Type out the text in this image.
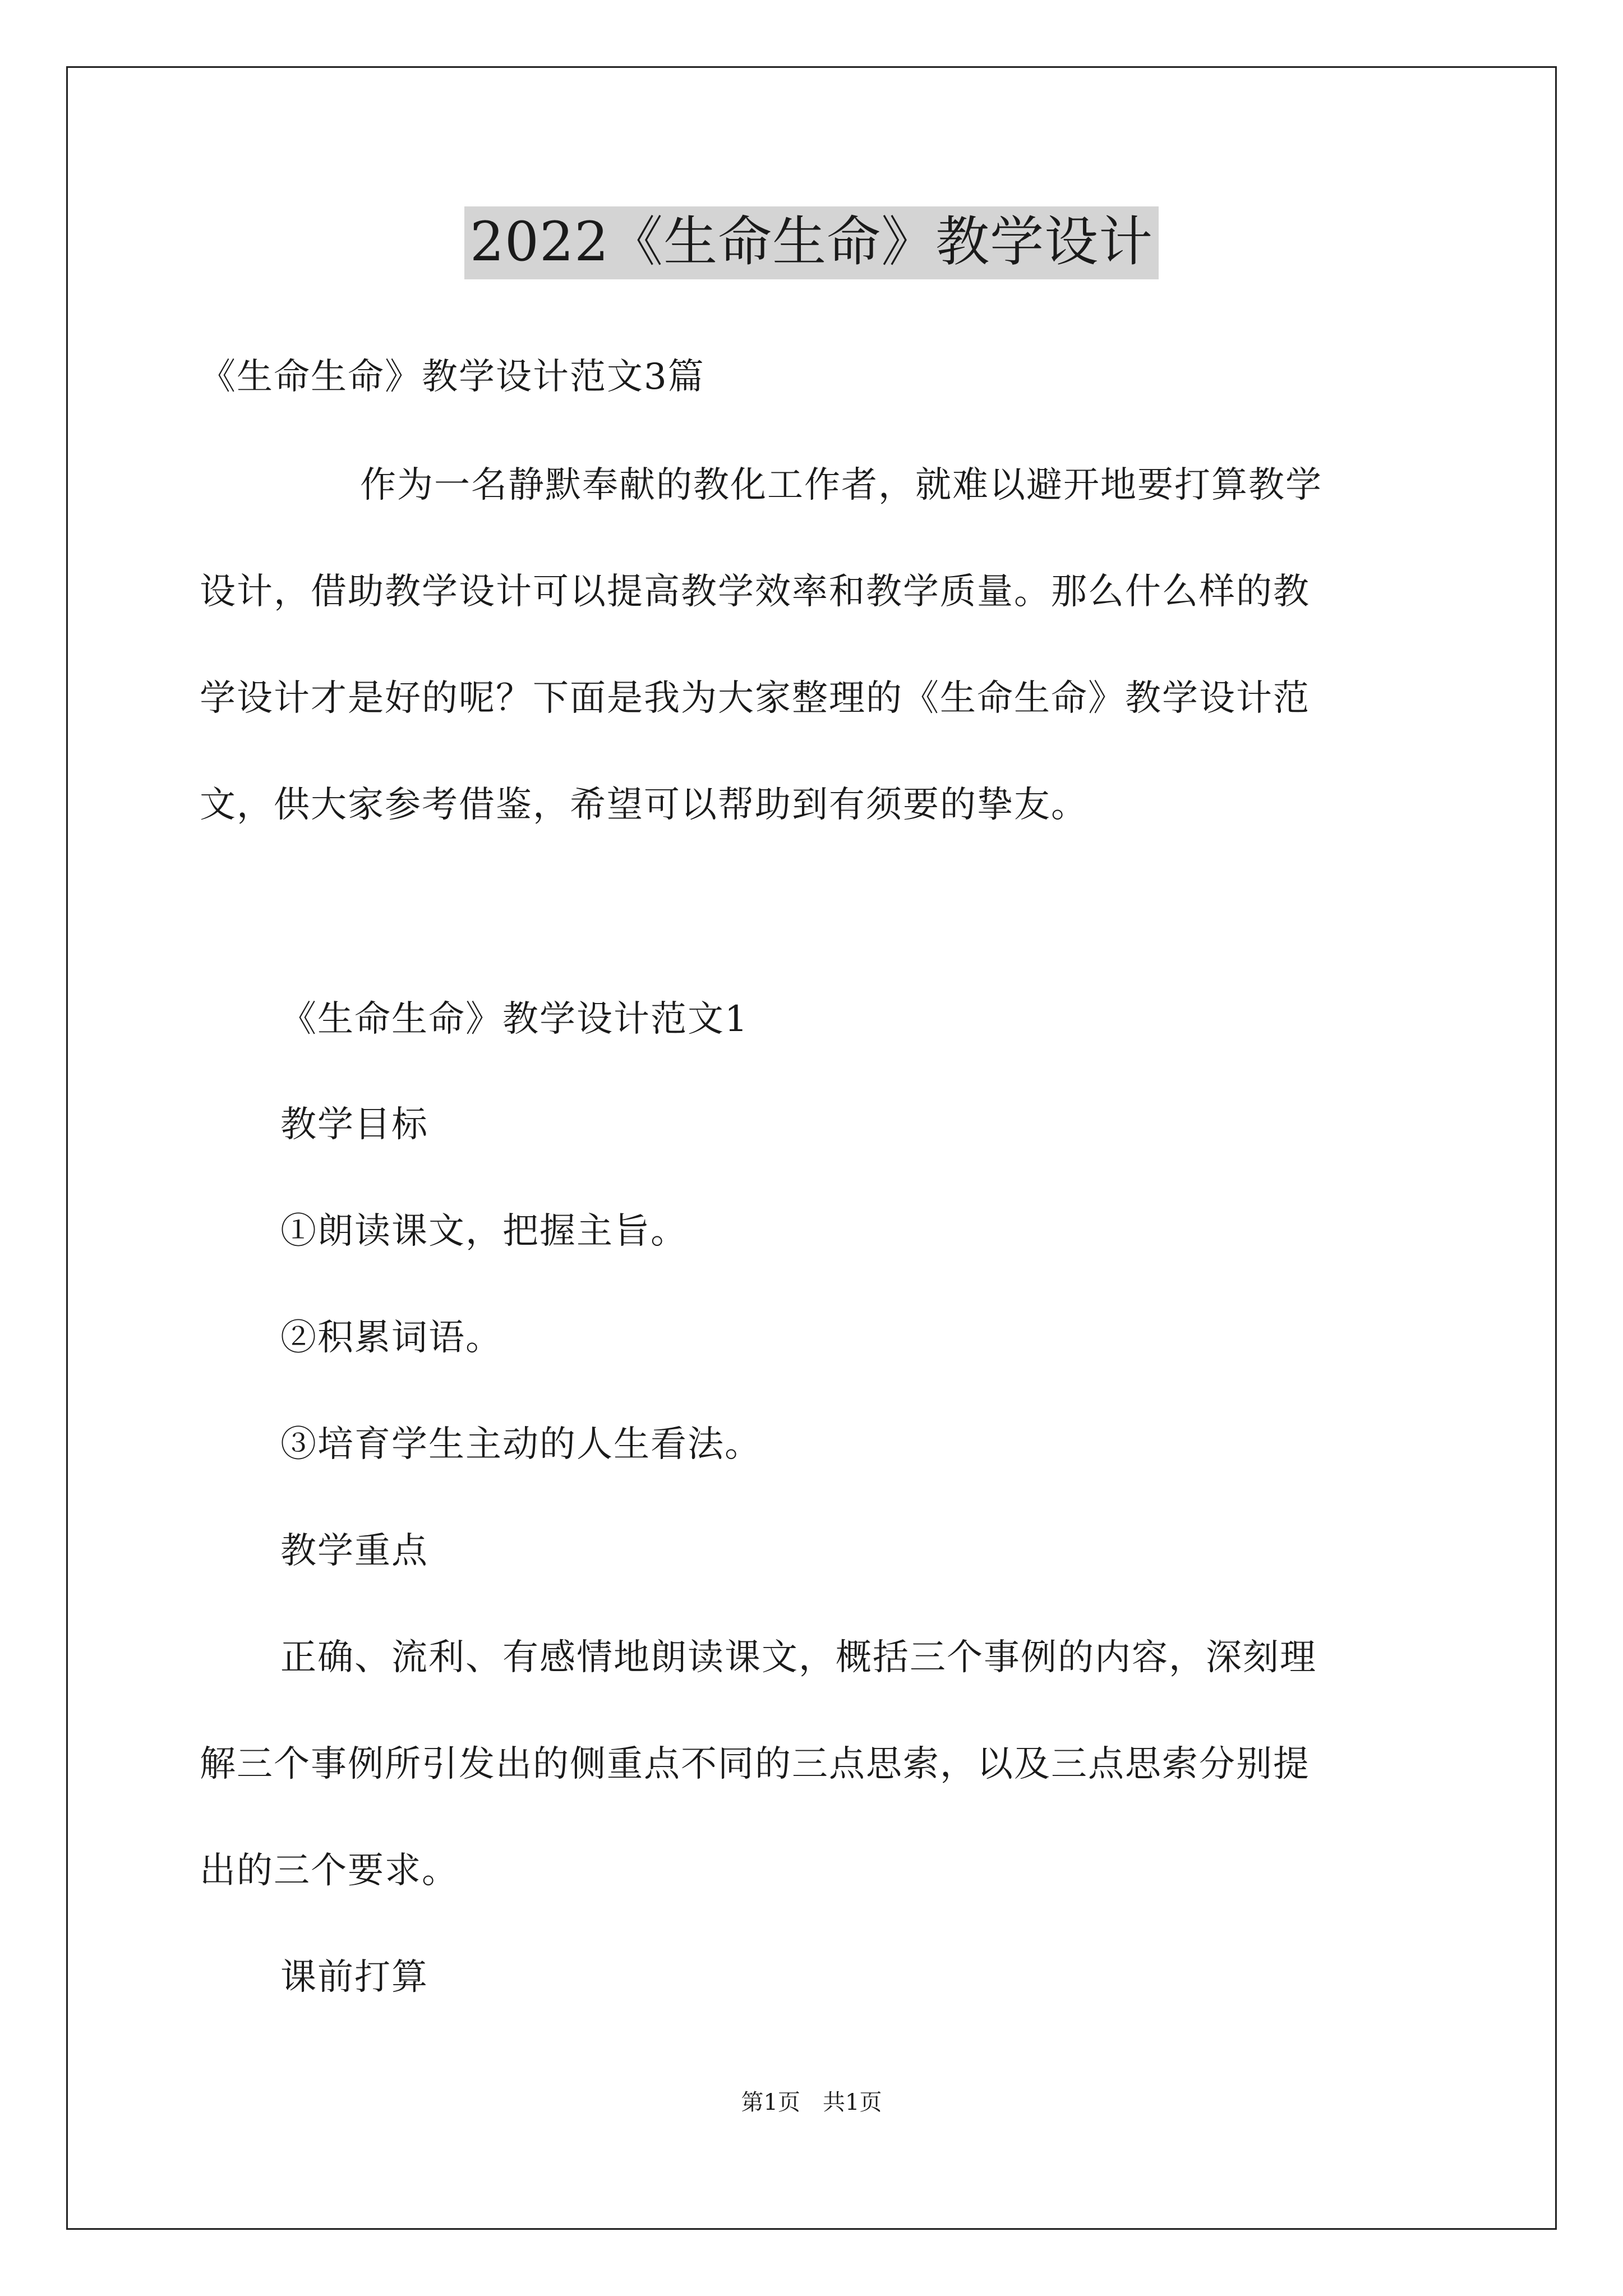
2022《生命生命》教学设计
《生命生命》教学设计范文3篇
作为一名静默奉献的教化工作者，就难以避开地要打算教学
设计，借助教学设计可以提高教学效率和教学质量。那么什么样的教
学设计才是好的呢？下面是我为大家整理的《生命生命》教学设计范
文，供大家参考借鉴，希望可以帮助到有须要的挚友。
《生命生命》教学设计范文1
教学目标
①朗读课文，把握主旨。
②积累词语。
③培育学生主动的人生看法。
教学重点
正确、流利、有感情地朗读课文，概括三个事例的内容，深刻理
解三个事例所引发出的侧重点不同的三点思索，以及三点思索分别提
出的三个要求。
课前打算
第1页　共1页
